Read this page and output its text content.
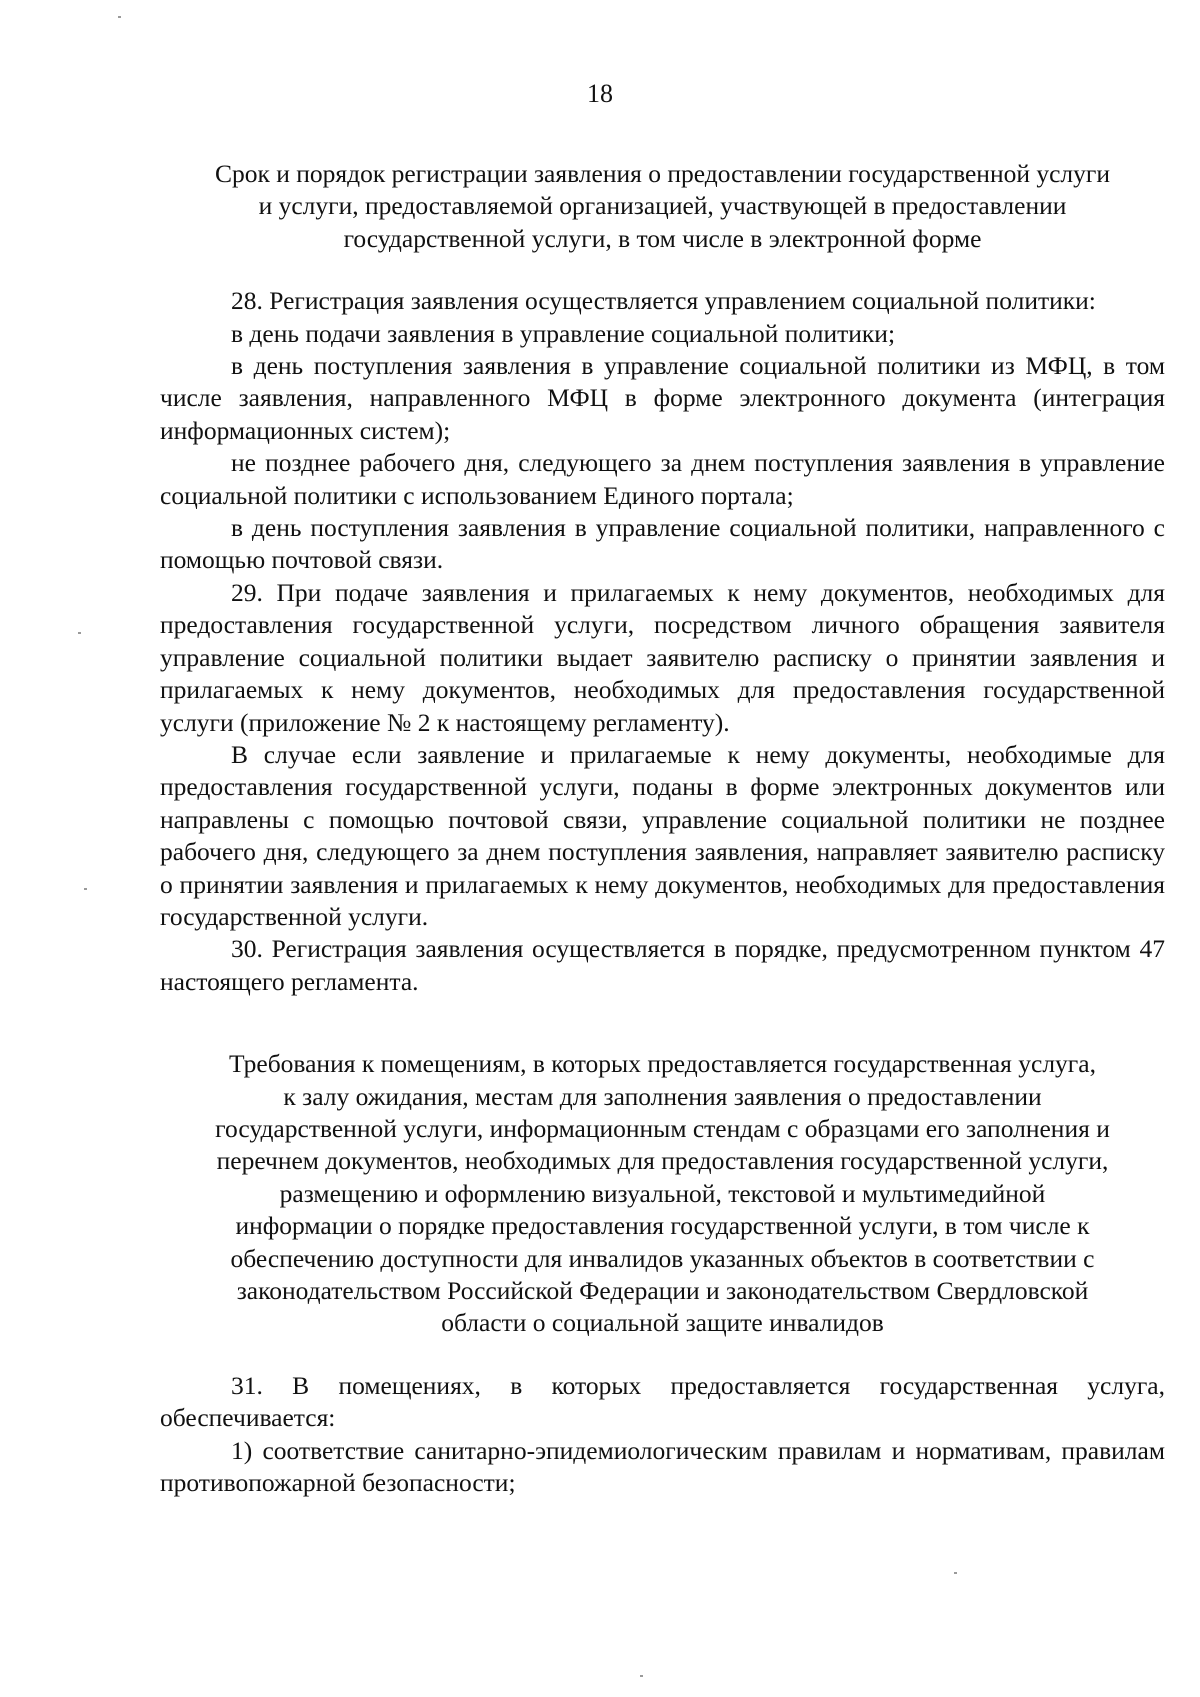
18
Срок и порядок регистрации заявления о предоставлении государственной услуги
и услуги, предоставляемой организацией, участвующей в предоставлении
государственной услуги, в том числе в электронной форме

28. Регистрация заявления осуществляется управлением социальной политики:

в день подачи заявления в управление социальной политики;

в день поступления заявления в управление социальной политики из МФЦ, в том числе заявления, направленного МФЦ в форме электронного документа (интеграция информационных систем);

не позднее рабочего дня, следующего за днем поступления заявления в управление социальной политики с использованием Единого портала;

в день поступления заявления в управление социальной политики, направленного с помощью почтовой связи.

29. При подаче заявления и прилагаемых к нему документов, необходимых для предоставления государственной услуги, посредством личного обращения заявителя управление социальной политики выдает заявителю расписку о принятии заявления и прилагаемых к нему документов, необходимых для предоставления государственной услуги (приложение № 2 к настоящему регламенту).

В случае если заявление и прилагаемые к нему документы, необходимые для предоставления государственной услуги, поданы в форме электронных документов или направлены с помощью почтовой связи, управление социальной политики не позднее рабочего дня, следующего за днем поступления заявления, направляет заявителю расписку о принятии заявления и прилагаемых к нему документов, необходимых для предоставления государственной услуги.

30. Регистрация заявления осуществляется в порядке, предусмотренном пунктом 47 настоящего регламента.

Требования к помещениям, в которых предоставляется государственная услуга,
к залу ожидания, местам для заполнения заявления о предоставлении
государственной услуги, информационным стендам с образцами его заполнения и
перечнем документов, необходимых для предоставления государственной услуги,
размещению и оформлению визуальной, текстовой и мультимедийной
информации о порядке предоставления государственной услуги, в том числе к
обеспечению доступности для инвалидов указанных объектов в соответствии с
законодательством Российской Федерации и законодательством Свердловской
области о социальной защите инвалидов

31. В помещениях, в которых предоставляется государственная услуга, обеспечивается:

1) соответствие санитарно-эпидемиологическим правилам и нормативам, правилам противопожарной безопасности;
